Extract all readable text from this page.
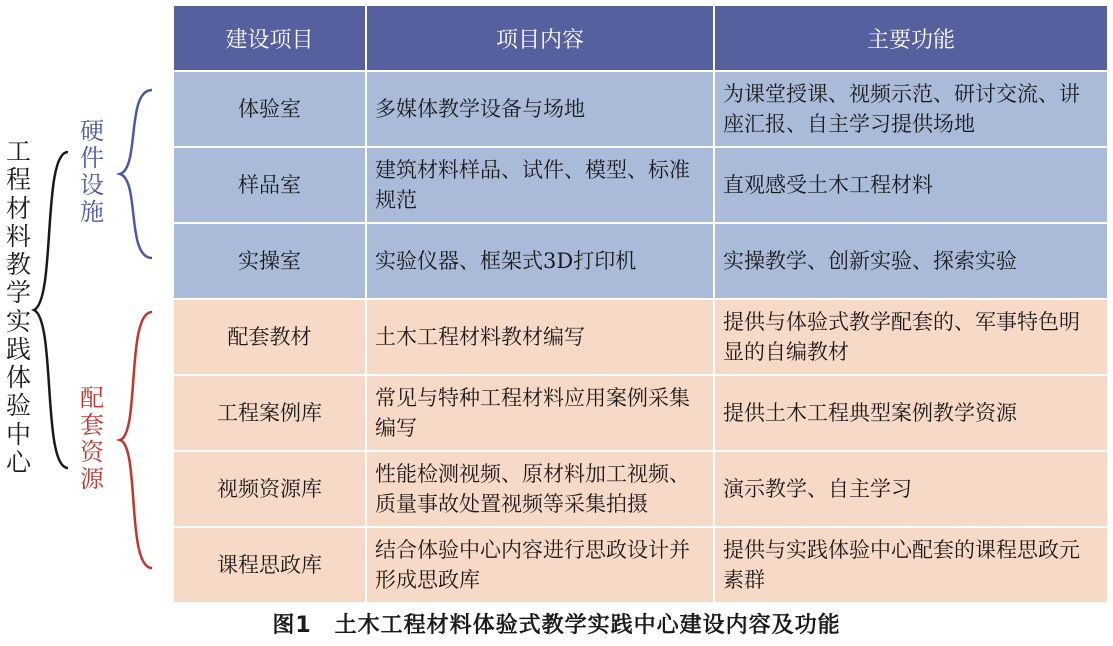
工
程
材
料
教
学
实
践
体
验
中
心
硬
件
设
施
配
套
资
源
建设项目	项目内容	主要功能
体验室	多媒体教学设备与场地	为课堂授课、视频示范、研讨交流、讲座汇报、自主学习提供场地
样品室	建筑材料样品、试件、模型、标准规范	直观感受土木工程材料
实操室	实验仪器、框架式3D打印机	实操教学、创新实验、探索实验
配套教材	土木工程材料教材编写	提供与体验式教学配套的、军事特色明显的自编教材
工程案例库	常见与特种工程材料应用案例采集编写	提供土木工程典型案例教学资源
视频资源库	性能检测视频、原材料加工视频、质量事故处置视频等采集拍摄	演示教学、自主学习
课程思政库	结合体验中心内容进行思政设计并形成思政库	提供与实践体验中心配套的课程思政元素群
图1　土木工程材料体验式教学实践中心建设内容及功能
